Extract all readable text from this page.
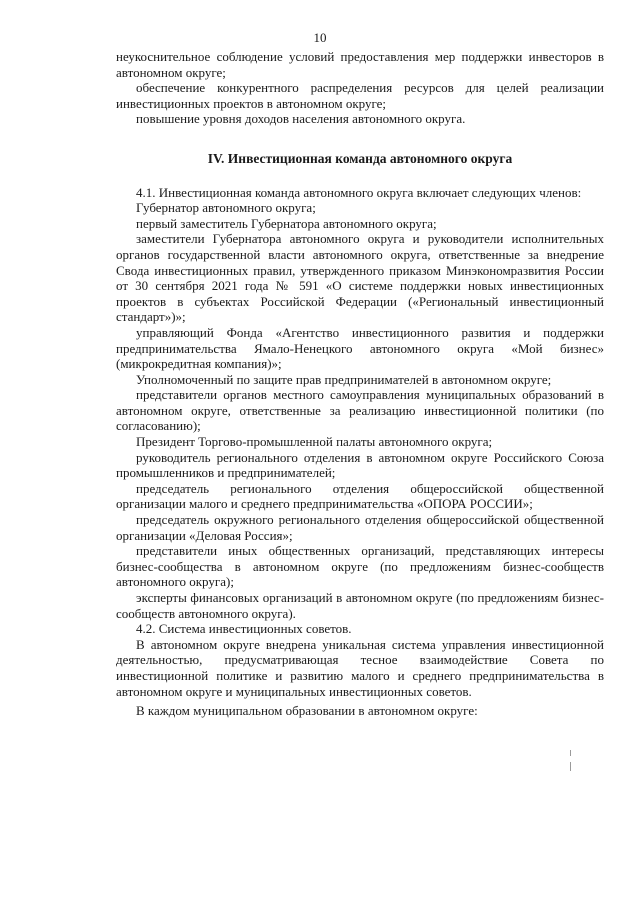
10

неукоснительное соблюдение условий предоставления мер поддержки инвесторов в автономном округе;

обеспечение конкурентного распределения ресурсов для целей реализации инвестиционных проектов в автономном округе;

повышение уровня доходов населения автономного округа.

IV. Инвестиционная команда автономного округа

4.1. Инвестиционная команда автономного округа включает следующих членов:

Губернатор автономного округа;

первый заместитель Губернатора автономного округа;

заместители Губернатора автономного округа и руководители исполнительных органов государственной власти автономного округа, ответственные за внедрение Свода инвестиционных правил, утвержденного приказом Минэкономразвития России от 30 сентября 2021 года № 591 «О системе поддержки новых инвестиционных проектов в субъектах Российской Федерации («Региональный инвестиционный стандарт»)»;

управляющий Фонда «Агентство инвестиционного развития и поддержки предпринимательства Ямало-Ненецкого автономного округа «Мой бизнес» (микрокредитная компания)»;

Уполномоченный по защите прав предпринимателей в автономном округе;

представители органов местного самоуправления муниципальных образований в автономном округе, ответственные за реализацию инвестиционной политики (по согласованию);

Президент Торгово-промышленной палаты автономного округа;

руководитель регионального отделения в автономном округе Российского Союза промышленников и предпринимателей;

председатель регионального отделения общероссийской общественной организации малого и среднего предпринимательства «ОПОРА РОССИИ»;

председатель окружного регионального отделения общероссийской общественной организации «Деловая Россия»;

представители иных общественных организаций, представляющих интересы бизнес-сообщества в автономном округе (по предложениям бизнес-сообществ автономного округа);

эксперты финансовых организаций в автономном округе (по предложениям бизнес-сообществ автономного округа).

4.2. Система инвестиционных советов.

В автономном округе внедрена уникальная система управления инвестиционной деятельностью, предусматривающая тесное взаимодействие Совета по инвестиционной политике и развитию малого и среднего предпринимательства в автономном округе и муниципальных инвестиционных советов.

В каждом муниципальном образовании в автономном округе:
